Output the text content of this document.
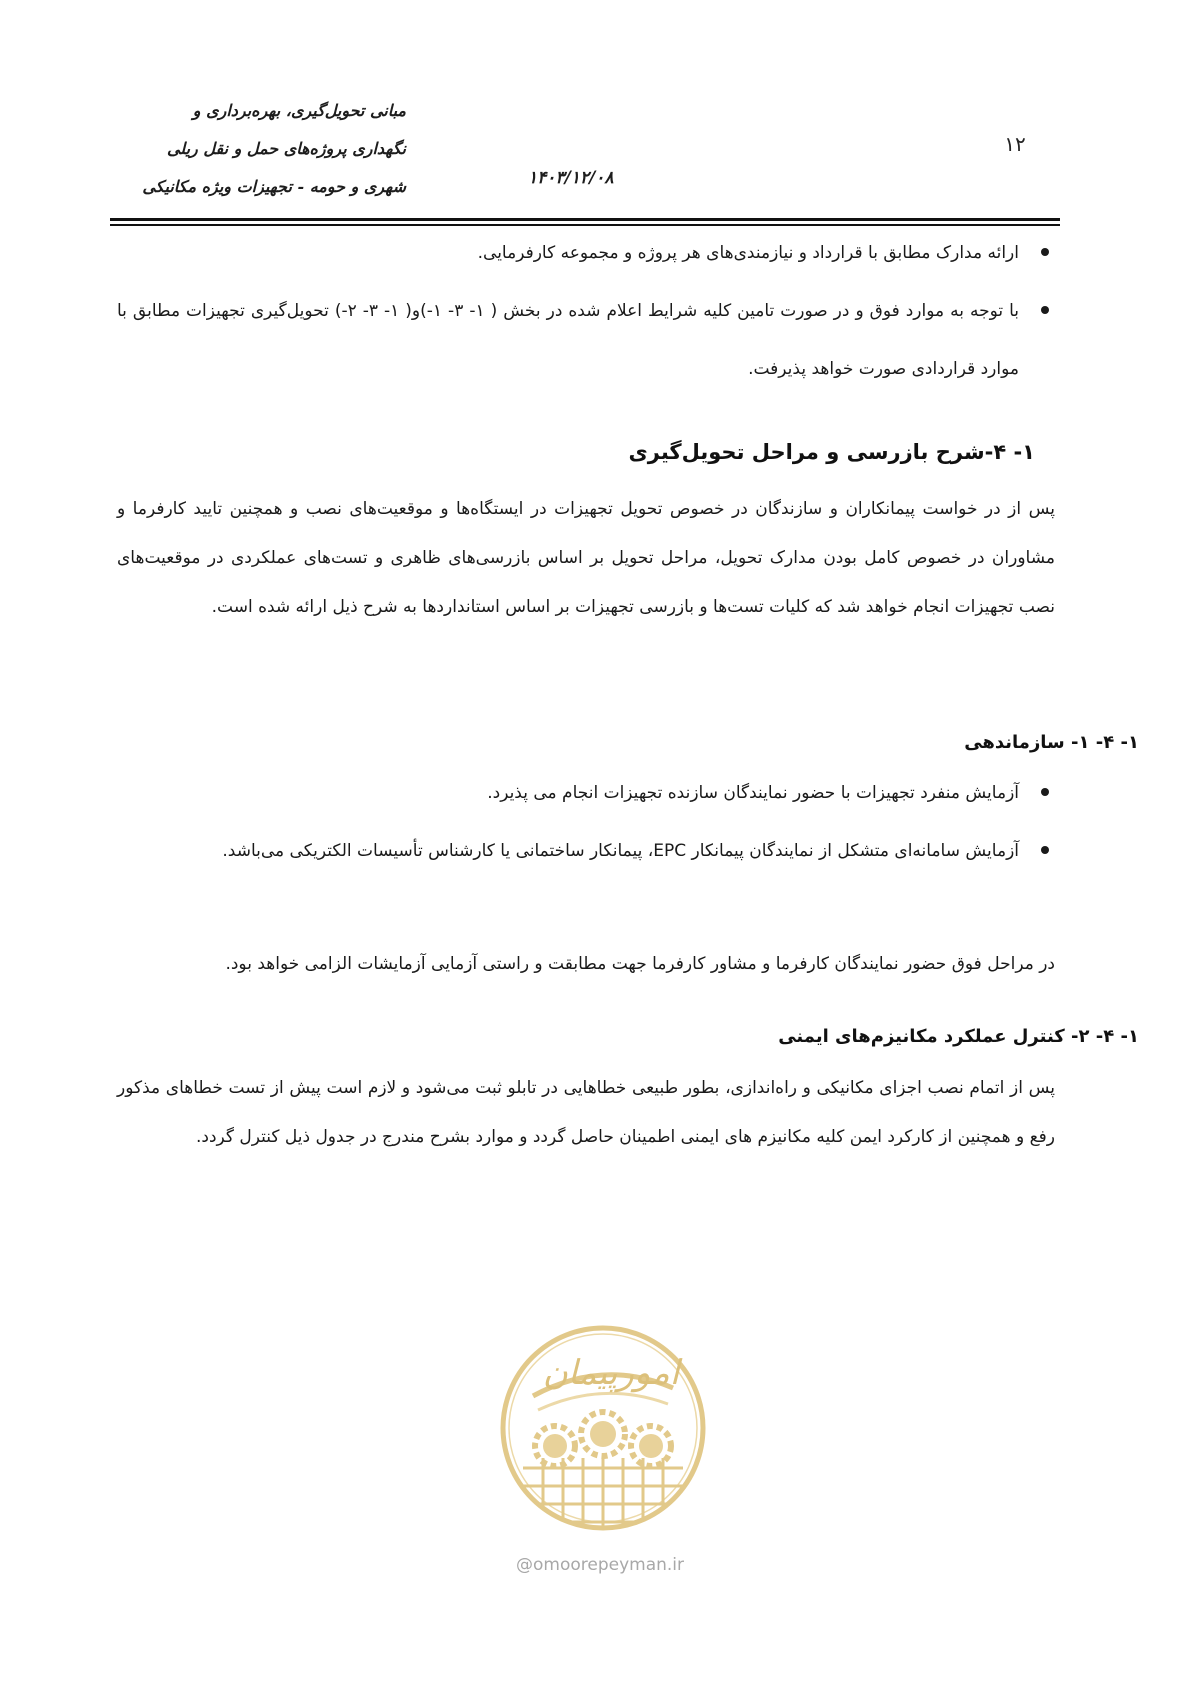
مبانی تحویل‌گیری، بهره‌برداری و
نگهداری پروژه‌های حمل و نقل ریلی
شهری و حومه - تجهیزات ویژه مکانیکی	۱۴۰۳/۱۲/۰۸
۱۲
ارائه مدارک مطابق با قرارداد و نیازمندی‌های هر پروژه و مجموعه کارفرمایی.
با توجه به موارد فوق و در صورت تامین کلیه شرایط اعلام شده در بخش ( ۱- ۳- ۱-)و( ۱- ۳- ۲-) تحویل‌گیری تجهیزات مطابق با موارد قراردادی صورت خواهد پذیرفت.
۱- ۴-شرح بازرسی و مراحل تحویل‌گیری
پس از در خواست پیمانکاران و سازندگان در خصوص تحویل تجهیزات در ایستگاه‌ها و موقعیت‌های نصب و همچنین تایید کارفرما و مشاوران در خصوص کامل بودن مدارک تحویل، مراحل تحویل بر اساس بازرسی‌های ظاهری و تست‌های عملکردی در موقعیت‌های نصب تجهیزات انجام خواهد شد که کلیات تست‌ها و بازرسی تجهیزات بر اساس استانداردها به شرح ذیل ارائه شده است.
۱- ۴- ۱- سازماندهی
آزمایش منفرد تجهیزات با حضور نمایندگان سازنده تجهیزات انجام می پذیرد.
آزمایش سامانه‌ای متشکل از نمایندگان پیمانکار EPC، پیمانکار ساختمانی یا کارشناس تأسیسات الکتریکی می‌باشد.
در مراحل فوق حضور نمایندگان کارفرما و مشاور کارفرما جهت مطابقت و راستی آزمایی آزمایشات الزامی خواهد بود.
۱- ۴- ۲- کنترل عملکرد مکانیزم‌های ایمنی
پس از اتمام نصب اجزای مکانیکی و راه‌اندازی، بطور طبیعی خطاهایی در تابلو ثبت می‌شود و لازم است پیش از تست خطاهای مذکور رفع و همچنین از کارکرد ایمن کلیه مکانیزم های ایمنی اطمینان حاصل گردد و موارد بشرح مندرج در جدول ذیل کنترل گردد.
امورپیمان
@omoorepeyman.ir
